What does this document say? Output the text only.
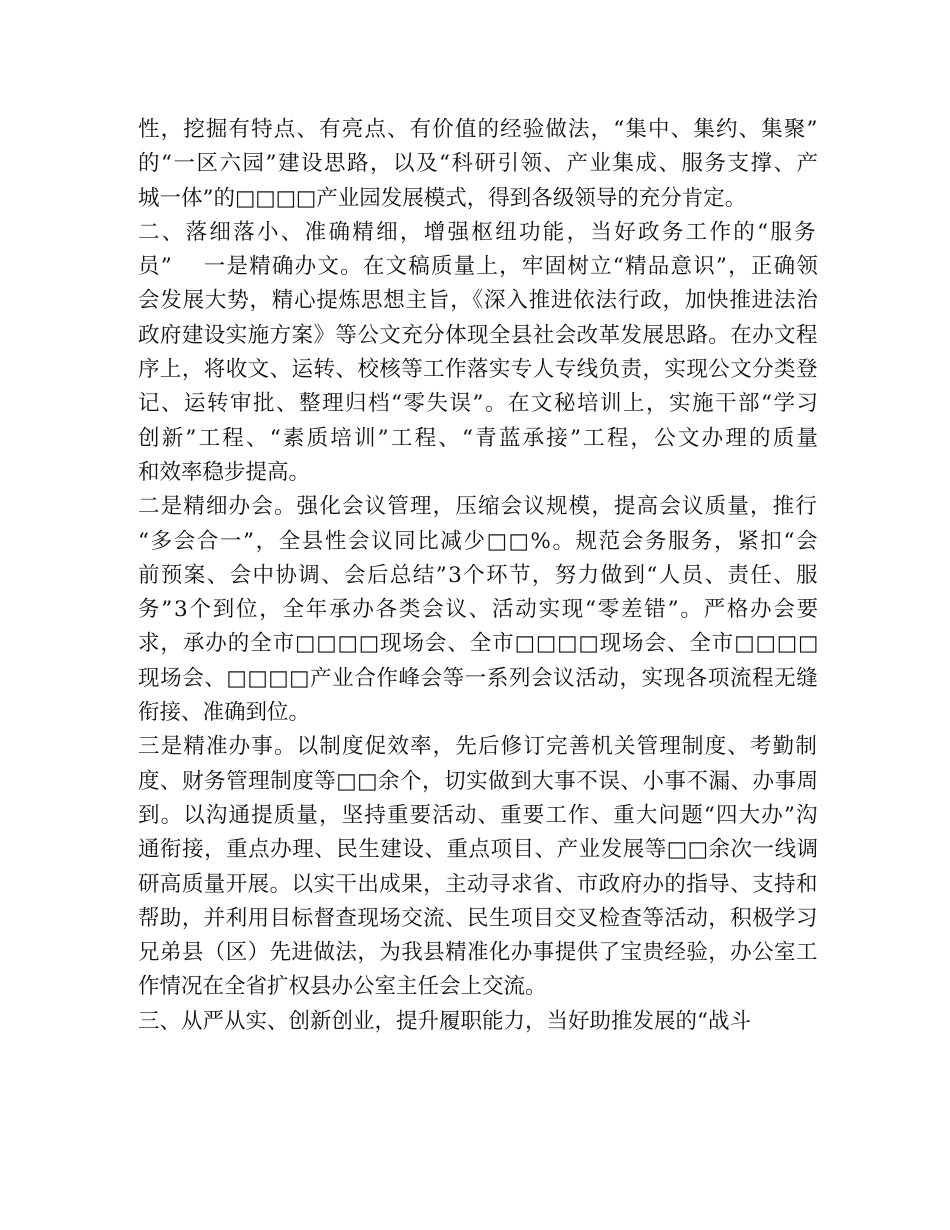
性，挖掘有特点、有亮点、有价值的经验做法，“集中、集约、集聚”
的“一区六园”建设思路，以及“科研引领、产业集成、服务支撑、产
城一体”的□□□□产业园发展模式，得到各级领导的充分肯定。
二、落细落小、准确精细，增强枢纽功能，当好政务工作的“服务
员”　 一是精确办文。在文稿质量上，牢固树立“精品意识”，正确领
会发展大势，精心提炼思想主旨，《深入推进依法行政，加快推进法治
政府建设实施方案》等公文充分体现全县社会改革发展思路。在办文程
序上，将收文、运转、校核等工作落实专人专线负责，实现公文分类登
记、运转审批、整理归档“零失误”。在文秘培训上，实施干部“学习
创新”工程、“素质培训”工程、“青蓝承接”工程，公文办理的质量
和效率稳步提高。
二是精细办会。强化会议管理，压缩会议规模，提高会议质量，推行
“多会合一”，全县性会议同比减少□□%。规范会务服务，紧扣“会
前预案、会中协调、会后总结”3个环节，努力做到“人员、责任、服
务”3个到位，全年承办各类会议、活动实现“零差错”。严格办会要
求，承办的全市□□□□现场会、全市□□□□现场会、全市□□□□
现场会、□□□□产业合作峰会等一系列会议活动，实现各项流程无缝
衔接、准确到位。
三是精准办事。以制度促效率，先后修订完善机关管理制度、考勤制
度、财务管理制度等□□余个，切实做到大事不误、小事不漏、办事周
到。以沟通提质量，坚持重要活动、重要工作、重大问题“四大办”沟
通衔接，重点办理、民生建设、重点项目、产业发展等□□余次一线调
研高质量开展。以实干出成果，主动寻求省、市政府办的指导、支持和
帮助，并利用目标督查现场交流、民生项目交叉检查等活动，积极学习
兄弟县（区）先进做法，为我县精准化办事提供了宝贵经验，办公室工
作情况在全省扩权县办公室主任会上交流。
三、从严从实、创新创业，提升履职能力，当好助推发展的“战斗
